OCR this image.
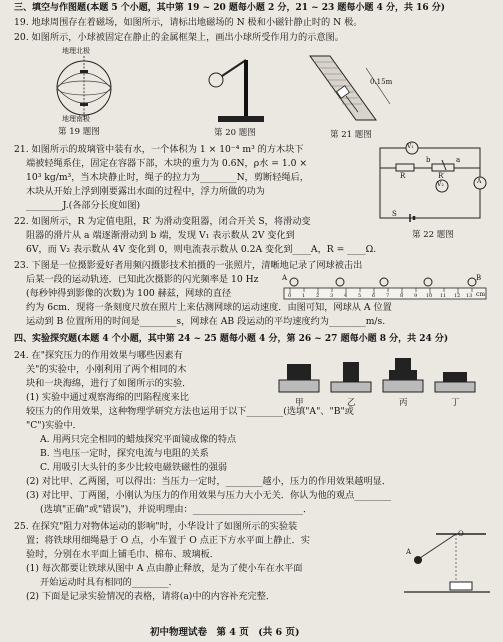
三、填空与作图题(本题 5 个小题，其中第 19 ~ 20 题每小题 2 分，21 ~ 23 题每小题 4 分，共 16 分)
19. 地球周围存在着磁场，如图所示，请标出地磁场的 N 极和小磁针静止时的 N 极。
20. 如图所示，小球被固定在静止的金属框架上，画出小球所受作用力的示意图。
地理北极
地理南极
第 19 题图	第 20 题图
0.15m
第 21 题图
21. 如图所示的玻璃管中装有水，一个体积为 1 × 10⁻⁴ m³ 的方木块下
端被轻绳系住，固定在容器下部，木块的重力为 0.6N，ρ水 = 1.0 ×
10³ kg/m³，当木块静止时，绳子的拉力为________N，剪断轻绳后，
木块从开始上浮到刚要露出水面的过程中，浮力所做的功为
________J.(各部分长度如图)
V₁
V₂	A
R	R′
a
b
S
第 22 题图
22. 如图所示，R 为定值电阻，R′ 为滑动变阻器，闭合开关 S，将滑动变
阻器的滑片从 a 端逐渐滑动到 b 端，发现 V₁ 表示数从 2V 变化到
6V，而 V₂ 表示数从 4V 变化到 0，则电流表示数从 0.2A 变化到____A，R = ____Ω.
23. 下图是一位摄影爱好者用频闪摄影技术拍摄的一张照片，清晰地记录了网球被击出
后某一段的运动轨迹．已知此次摄影的闪光频率是 10 Hz
(每秒钟得到影像的次数)为 100 赫兹，网球的直径
A	B
cm
0 1 2 3 4 5 6 7 8 9 10 11 12 13
约为 6cm．现将一条刻度尺放在照片上来估测网球的运动速度．由图可知，网球从 A 位置
运动到 B 位置所用的时间是________s，网球在 AB 段运动的平均速度约为________m/s.
四、实验探究题(本题 4 个小题，其中第 24 ~ 25 题每小题 4 分，第 26 ~ 27 题每小题 8 分，共 24 分)
24. 在"探究压力的作用效果与哪些因素有
关"的实验中，小刚利用了两个相同的木
块和一块海绵，进行了如图所示的实验．
(1) 实验中通过观察海绵的凹陷程度来比
较压力的作用效果，这种物理学研究方法也运用于以下________(选填"A"、"B"或
"C")实验中．
A. 用两只完全相同的蜡烛探究平面镜成像的特点
B. 当电压一定时，探究电流与电阻的关系
C. 用吸引大头针的多少比较电磁铁磁性的强弱
(2) 对比甲、乙两图，可以得出：当压力一定时，________越小，压力的作用效果越明显．
(3) 对比甲、丁两图，小刚认为压力的作用效果与压力大小无关．你认为他的观点________
(选填"正确"或"错误")，并说明理由：________________________．
甲	乙	丙	丁
25. 在探究"阻力对物体运动的影响"时，小华设计了如图所示的实验装
置；将铁球用细绳悬于 O 点，小车置于 O 点正下方水平面上静止．实
验时，分别在水平面上铺毛巾、棉布、玻璃板．
(1) 每次都要让铁球从图中 A 点由静止释放，是为了使小车在水平面
开始运动时具有相同的________．
(2) 下面是记录实验情况的表格，请将(a)中的内容补充完整．
O
A
初中物理试卷　第 4 页　(共 6 页)
